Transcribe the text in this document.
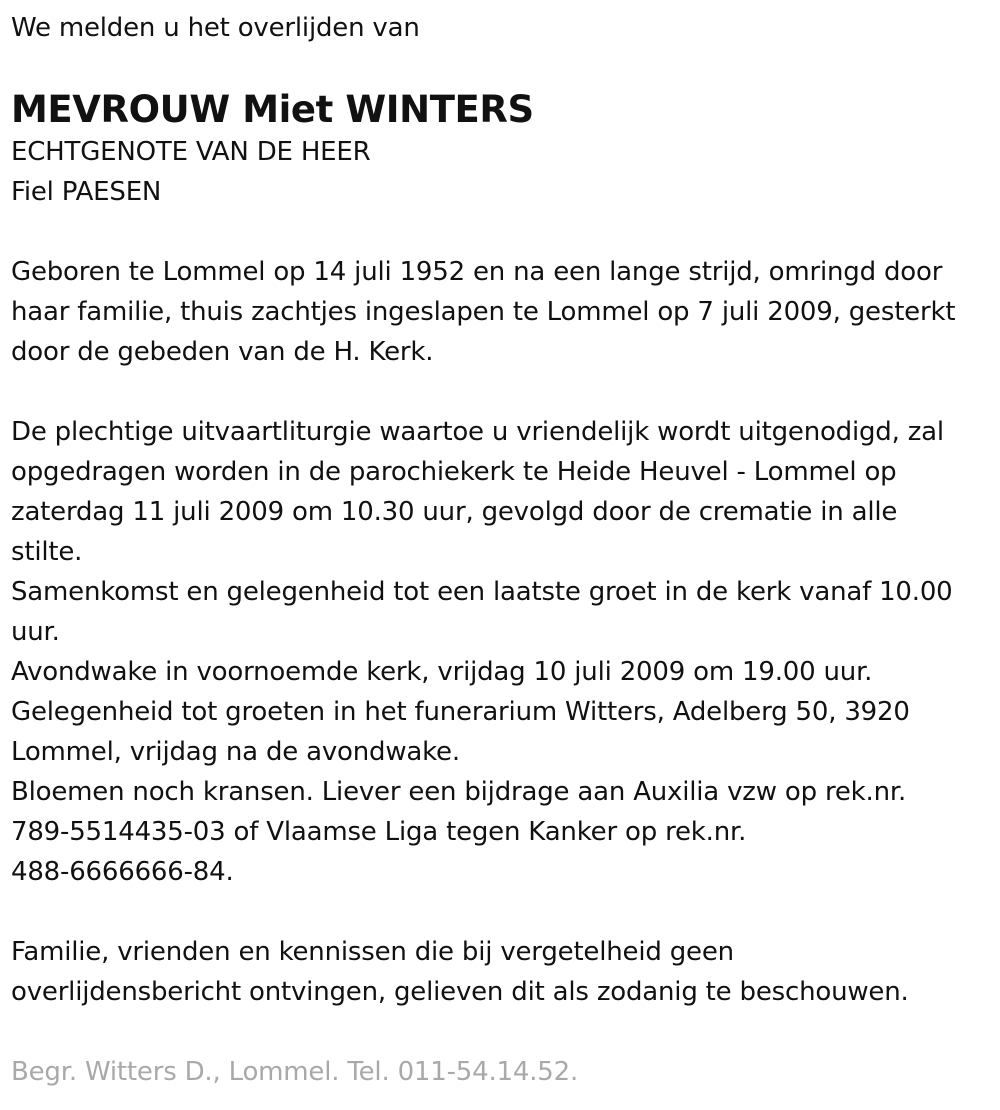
We melden u het overlijden van

MEVROUW Miet WINTERS
ECHTGENOTE VAN DE HEER
Fiel PAESEN
Geboren te Lommel op 14 juli 1952 en na een lange strijd, omringd door
haar familie, thuis zachtjes ingeslapen te Lommel op 7 juli 2009, gesterkt
door de gebeden van de H. Kerk.
De plechtige uitvaartliturgie waartoe u vriendelijk wordt uitgenodigd, zal
opgedragen worden in de parochiekerk te Heide Heuvel - Lommel op
zaterdag 11 juli 2009 om 10.30 uur, gevolgd door de crematie in alle
stilte.
Samenkomst en gelegenheid tot een laatste groet in de kerk vanaf 10.00
uur.
Avondwake in voornoemde kerk, vrijdag 10 juli 2009 om 19.00 uur.
Gelegenheid tot groeten in het funerarium Witters, Adelberg 50, 3920
Lommel, vrijdag na de avondwake.
Bloemen noch kransen. Liever een bijdrage aan Auxilia vzw op rek.nr.
789-5514435-03 of Vlaamse Liga tegen Kanker op rek.nr.
488-6666666-84.
Familie, vrienden en kennissen die bij vergetelheid geen
overlijdensbericht ontvingen, gelieven dit als zodanig te beschouwen.

Begr. Witters D., Lommel. Tel. 011-54.14.52.
